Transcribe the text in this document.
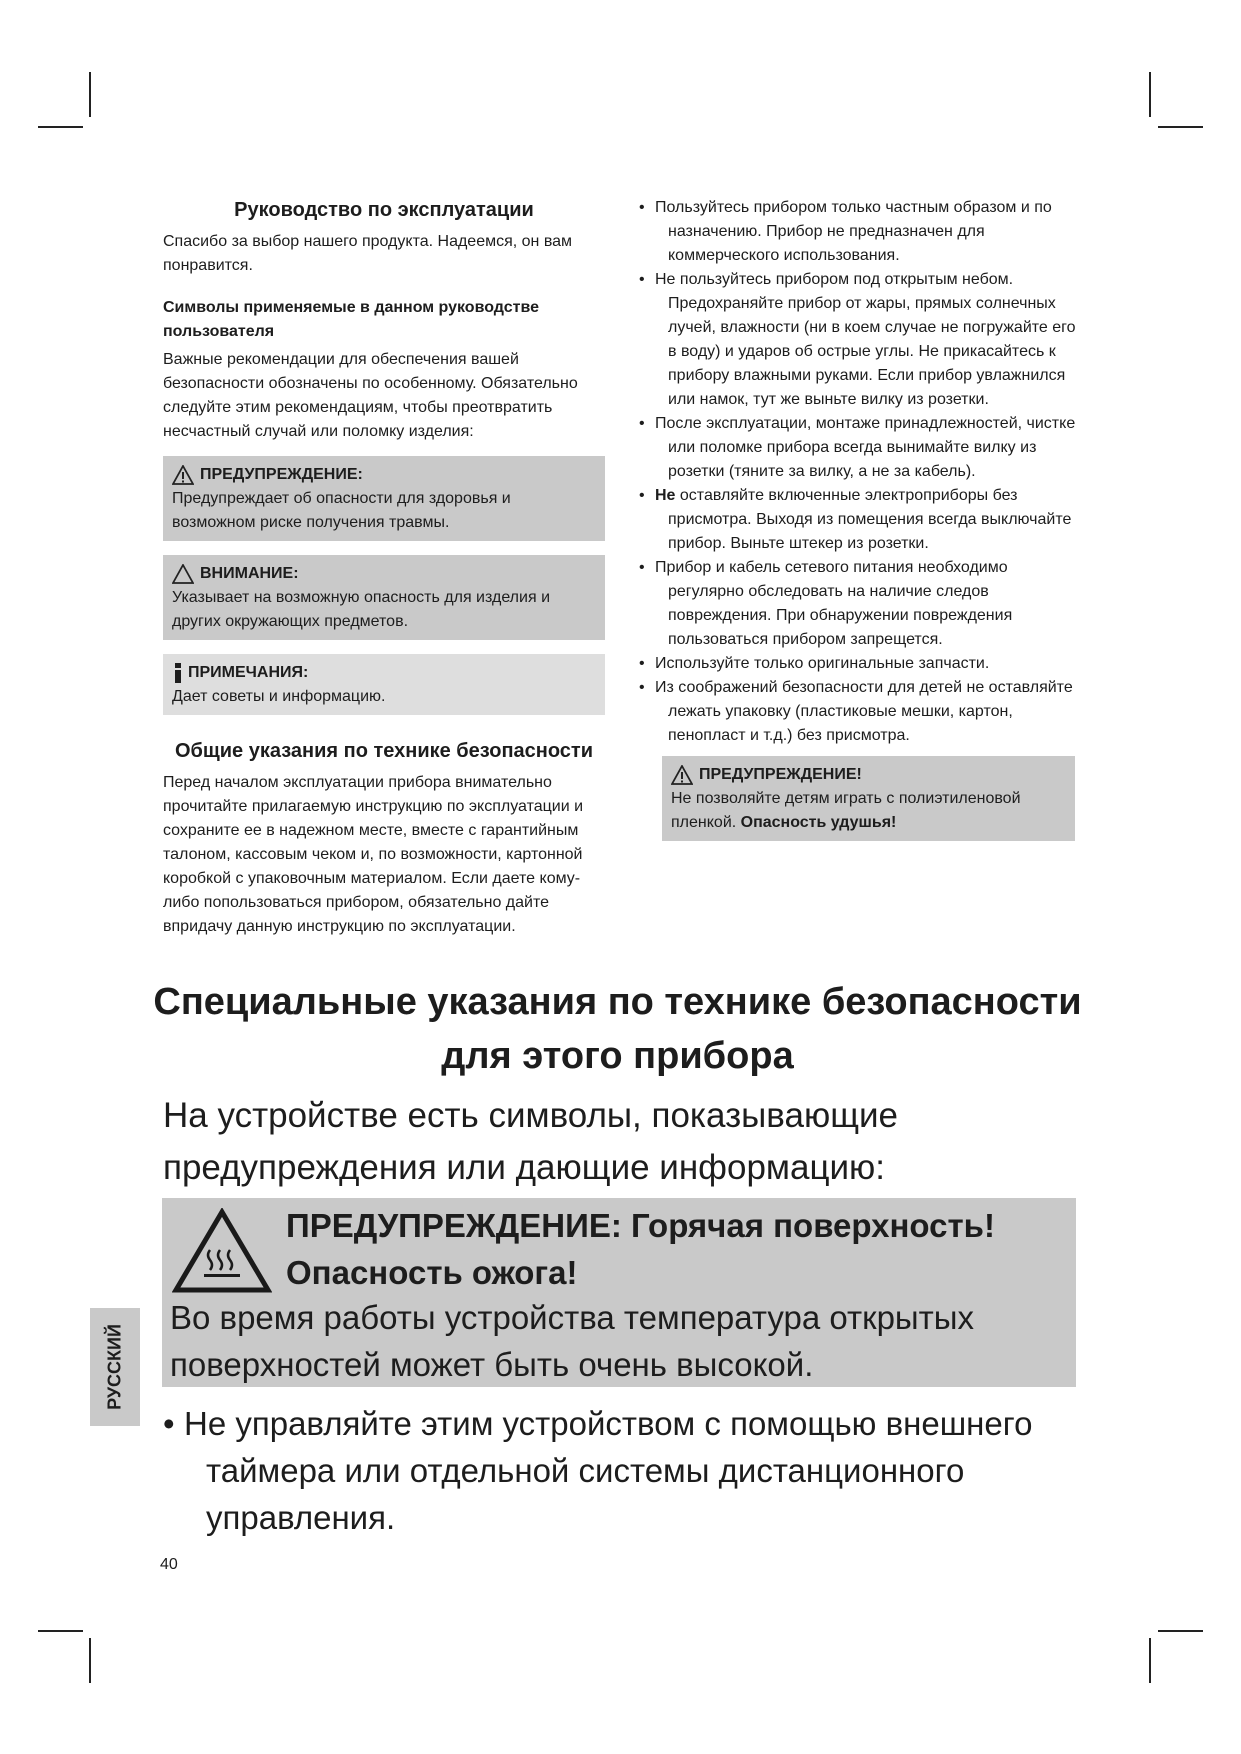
Руководство по эксплуатации

Спасибо за выбор нашего продукта. Надеемся, он вам понравится.

Символы применяемые в данном руководстве пользователя

Важные рекомендации для обеспечения вашей безопасности обозначены по особенному. Обязательно следуйте этим рекомендациям, чтобы преотвратить несчастный случай или поломку изделия:

ПРЕДУПРЕЖДЕНИЕ:

Предупреждает об опасности для здоровья и возможном риске получения травмы.

ВНИМАНИЕ:

Указывает на возможную опасность для изделия и других окружающих предметов.

ПРИМЕЧАНИЯ:

Дает советы и информацию.

Общие указания по технике безопасности

Перед началом эксплуатации прибора внимательно прочитайте прилагаемую инструкцию по эксплуатации и сохраните ее в надежном месте, вместе с гарантийным талоном, кассовым чеком и, по возможности, картонной коробкой с упаковочным материалом. Если даете кому-либо попользоваться прибором, обязательно дайте впридачу данную инструкцию по эксплуатации.

• Пользуйтесь прибором только частным образом и по назначению. Прибор не предназначен для коммерческого использования.
• Не пользуйтесь прибором под открытым небом. Предохраняйте прибор от жары, прямых солнечных лучей, влажности (ни в коем случае не погружайте его в воду) и ударов об острые углы. Не прикасайтесь к прибору влажными руками. Если прибор увлажнился или намок, тут же выньте вилку из розетки.
• После эксплуатации, монтаже принадлежностей, чистке или поломке прибора всегда вынимайте вилку из розетки (тяните за вилку, а не за кабель).
• Не оставляйте включенные электроприборы без присмотра. Выходя из помещения всегда выключайте прибор. Выньте штекер из розетки.
• Прибор и кабель сетевого питания необходимо регулярно обследовать на наличие следов повреждения. При обнаружении повреждения пользоваться прибором запрещется.
• Используйте только оригинальные запчасти.
• Из соображений безопасности для детей не оставляйте лежать упаковку (пластиковые мешки, картон, пенопласт и т.д.) без присмотра.
ПРЕДУПРЕЖДЕНИЕ!

Не позволяйте детям играть с полиэтиленовой пленкой. Опасность удушья!

Специальные указания по технике безопасности для этого прибора
На устройстве есть символы, показывающие предупреждения или дающие информацию:
ПРЕДУПРЕЖДЕНИЕ: Горячая поверхность!
Опасность ожога!
Во время работы устройства температура открытых поверхностей может быть очень высокой.
• Не управляйте этим устройством с помощью внешнего таймера или отдельной системы дистанционного управления.
РУССКИЙ
40
